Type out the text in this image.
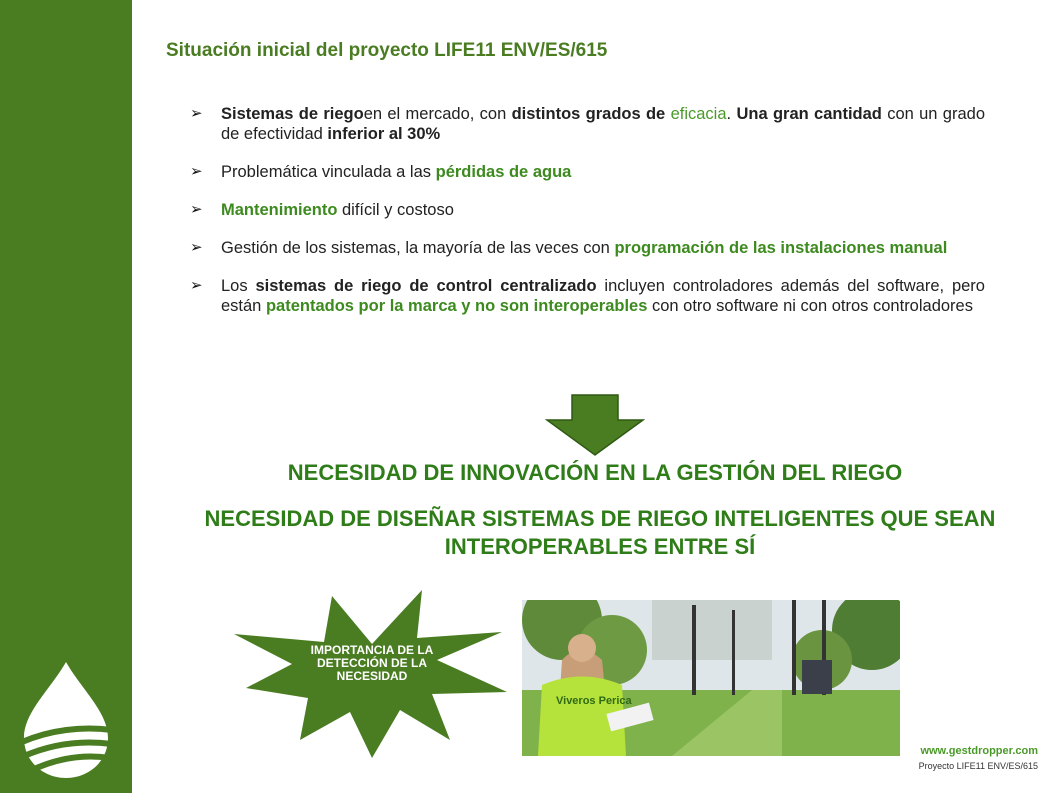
Situación inicial del proyecto LIFE11 ENV/ES/615
➢ Sistemas de riegoen el mercado, con distintos grados de eficacia. Una gran cantidad con un grado de efectividad inferior al 30%
➢ Problemática vinculada a las pérdidas de agua
➢ Mantenimiento difícil y costoso
➢ Gestión de los sistemas, la mayoría de las veces con programación de las instalaciones manual
➢ Los sistemas de riego de control centralizado incluyen controladores además del software, pero están patentados por la marca y no son interoperables con otro software ni con otros controladores
NECESIDAD DE INNOVACIÓN EN LA GESTIÓN DEL RIEGO
NECESIDAD DE DISEÑAR SISTEMAS DE RIEGO INTELIGENTES QUE SEAN INTEROPERABLES ENTRE SÍ
IMPORTANCIA DE LA DETECCIÓN DE LA NECESIDAD
Viveros Perica
www.gestdropper.com
Proyecto LIFE11 ENV/ES/615
